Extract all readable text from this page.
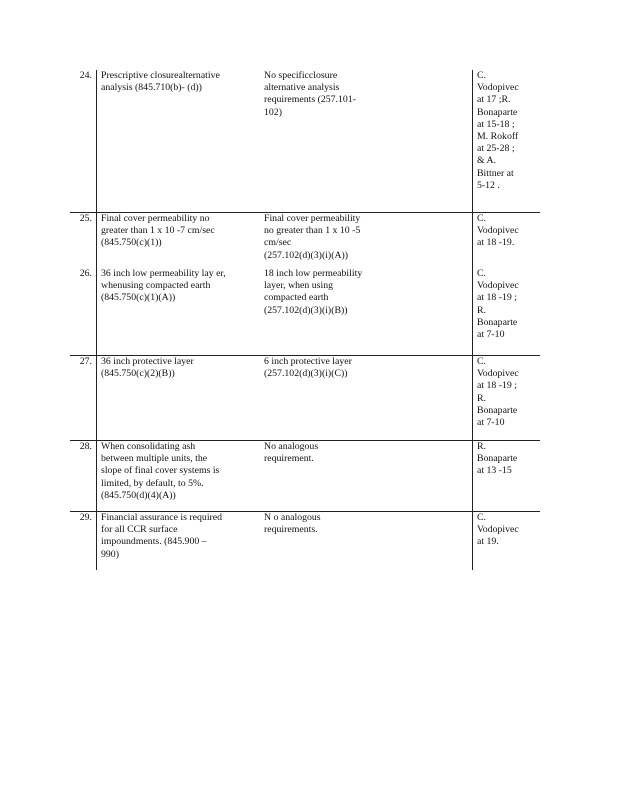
24. Prescriptive closurealternative
analysis (845.710(b)- (d))
No specificclosure
alternative analysis
requirements (257.101-
102)
C.
Vodopivec
at 17 ;R.
Bonaparte
at 15-18 ;
M. Rokoff
at 25-28 ;
& A.
Bittner at
5-12 .
25.
26.
Final cover permeability no
greater than 1 x 10 -7 cm/sec
(845.750(c)(1))
36 inch low permeability lay er,
whenusing compacted earth
(845.750(c)(1)(A))
Final cover permeability
no greater than 1 x 10 -5
cm/sec
(257.102(d)(3)(i)(A))
18 inch low permeability
layer, when using
compacted earth
(257.102(d)(3)(i)(B))
C.
Vodopivec
at 18 -19.
C.
Vodopivec
at 18 -19 ;
R.
Bonaparte
at 7-10
27. 36 inch protective layer
(845.750(c)(2)(B))
6 inch protective layer
(257.102(d)(3)(i)(C))
C.
Vodopivec
at 18 -19 ;
R.
Bonaparte
at 7-10
28. When consolidating ash
between multiple units, the
slope of final cover systems is
limited, by default, to 5%.
(845.750(d)(4)(A))
No analogous
requirement.
R.
Bonaparte
at 13 -15
29. Financial assurance is required
for all CCR surface
impoundments. (845.900 –
990)
N o analogous
requirements.
C.
Vodopivec
at 19.
